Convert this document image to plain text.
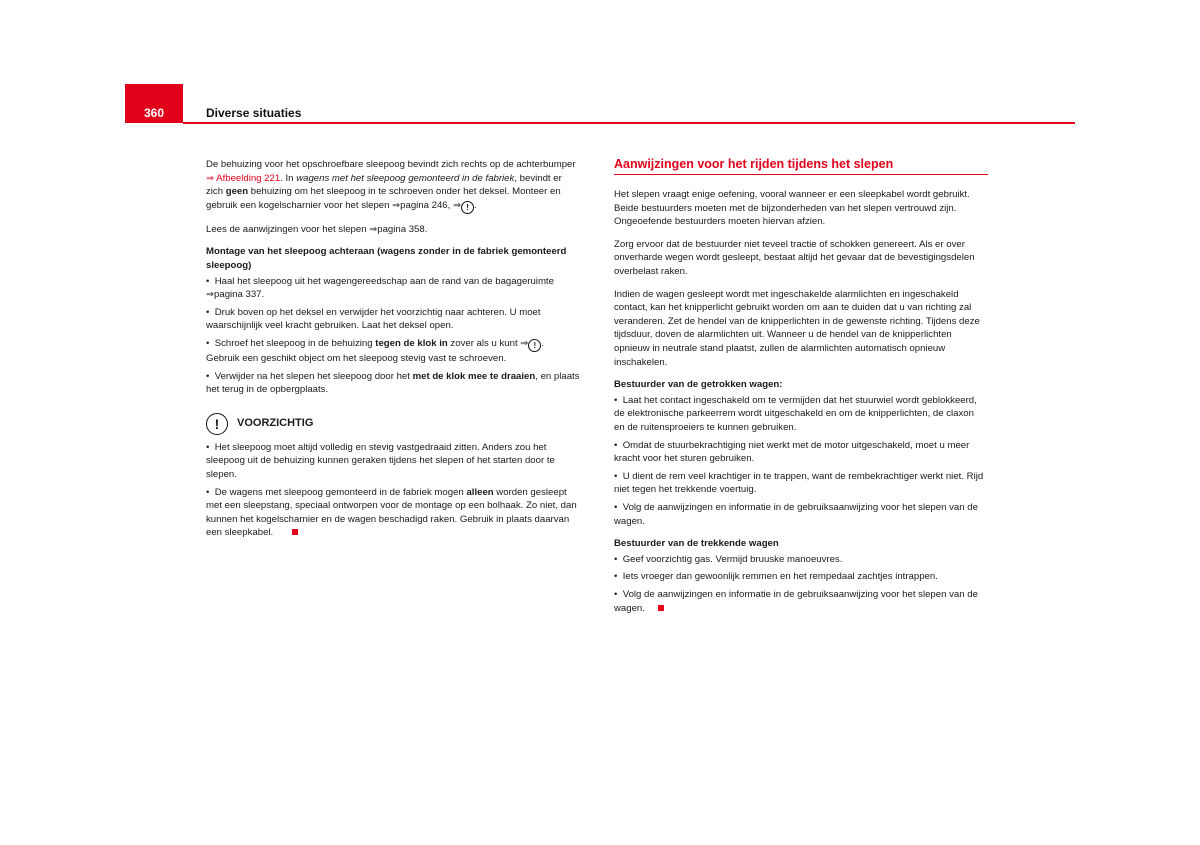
360	Diverse situaties

De behuizing voor het opschroefbare sleepoog bevindt zich rechts op de achterbumper ⇒ Afbeelding 221. In wagens met het sleepoog gemonteerd in de fabriek, bevindt er zich geen behuizing om het sleepoog in te schroeven onder het deksel. Monteer en gebruik een kogelscharnier voor het slepen ⇒pagina 246, ⇒ ! .

Lees de aanwijzingen voor het slepen ⇒pagina 358.

Montage van het sleepoog achteraan (wagens zonder in de fabriek gemonteerd sleepoog)

•  Haal het sleepoog uit het wagengereedschap aan de rand van de bagageruimte ⇒pagina 337.

•  Druk boven op het deksel en verwijder het voorzichtig naar achteren. U moet waarschijnlijk veel kracht gebruiken. Laat het deksel open.

•  Schroef het sleepoog in de behuizing tegen de klok in zover als u kunt ⇒ ! . Gebruik een geschikt object om het sleepoog stevig vast te schroeven.

•  Verwijder na het slepen het sleepoog door het met de klok mee te draaien, en plaats het terug in de opbergplaats.

!	VOORZICHTIG

•  Het sleepoog moet altijd volledig en stevig vastgedraaid zitten. Anders zou het sleepoog uit de behuizing kunnen geraken tijdens het slepen of het starten door te slepen.

•  De wagens met sleepoog gemonteerd in de fabriek mogen alleen worden gesleept met een sleepstang, speciaal ontworpen voor de montage op een bolhaak. Zo niet, dan kunnen het kogelscharnier en de wagen beschadigd raken. Gebruik in plaats daarvan een sleepkabel.

Aanwijzingen voor het rijden tijdens het slepen

Het slepen vraagt enige oefening, vooral wanneer er een sleepkabel wordt gebruikt. Beide bestuurders moeten met de bijzonderheden van het slepen vertrouwd zijn. Ongeoefende bestuurders moeten hiervan afzien.

Zorg ervoor dat de bestuurder niet teveel tractie of schokken genereert. Als er over onverharde wegen wordt gesleept, bestaat altijd het gevaar dat de bevestigingsdelen overbelast raken.

Indien de wagen gesleept wordt met ingeschakelde alarmlichten en ingeschakeld contact, kan het knipperlicht gebruikt worden om aan te duiden dat u van richting zal veranderen. Zet de hendel van de knipperlichten in de gewenste richting. Tijdens deze tijdsduur, doven de alarmlichten uit. Wanneer u de hendel van de knipperlichten opnieuw in neutrale stand plaatst, zullen de alarmlichten automatisch opnieuw inschakelen.

Bestuurder van de getrokken wagen:

•  Laat het contact ingeschakeld om te vermijden dat het stuurwiel wordt geblokkeerd, de elektronische parkeerrem wordt uitgeschakeld en om de knipperlichten, de claxon en de ruitensproeiers te kunnen gebruiken.

•  Omdat de stuurbekrachtiging niet werkt met de motor uitgeschakeld, moet u meer kracht voor het sturen gebruiken.

•  U dient de rem veel krachtiger in te trappen, want de rembekrachtiger werkt niet. Rijd niet tegen het trekkende voertuig.

•  Volg de aanwijzingen en informatie in de gebruiksaanwijzing voor het slepen van de wagen.

Bestuurder van de trekkende wagen

•  Geef voorzichtig gas. Vermijd bruuske manoeuvres.

•  Iets vroeger dan gewoonlijk remmen en het rempedaal zachtjes intrappen.

•  Volg de aanwijzingen en informatie in de gebruiksaanwijzing voor het slepen van de wagen.
